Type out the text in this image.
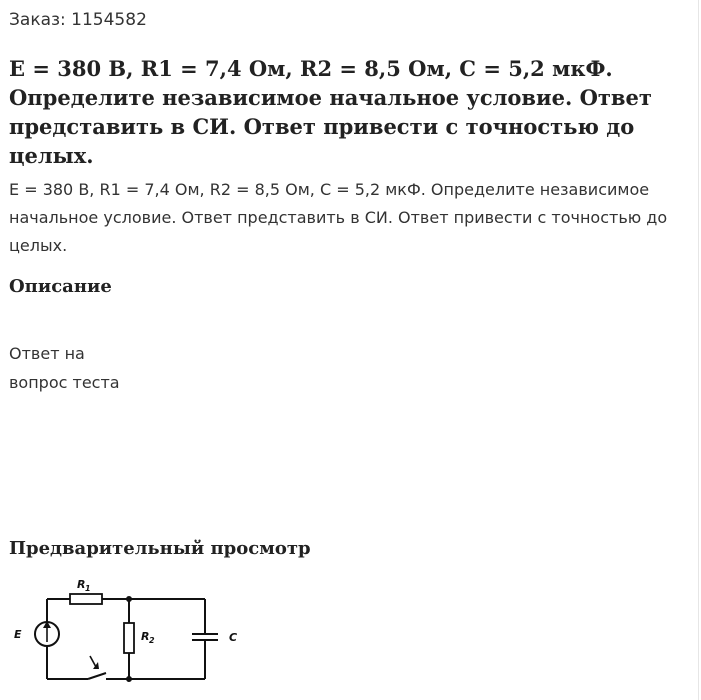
Заказ: 1154582
E = 380 В, R1 = 7,4 Ом, R2 = 8,5 Ом, C = 5,2 мкФ. Определите независимое начальное условие. Ответ представить в СИ. Ответ привести с точностью до целых.

E = 380 В, R1 = 7,4 Ом, R2 = 8,5 Ом, C = 5,2 мкФ. Определите независимое начальное условие. Ответ представить в СИ. Ответ привести с точностью до целых.

Описание
Ответ на
вопрос теста
Предварительный просмотр
E
R 1
R 2	C
